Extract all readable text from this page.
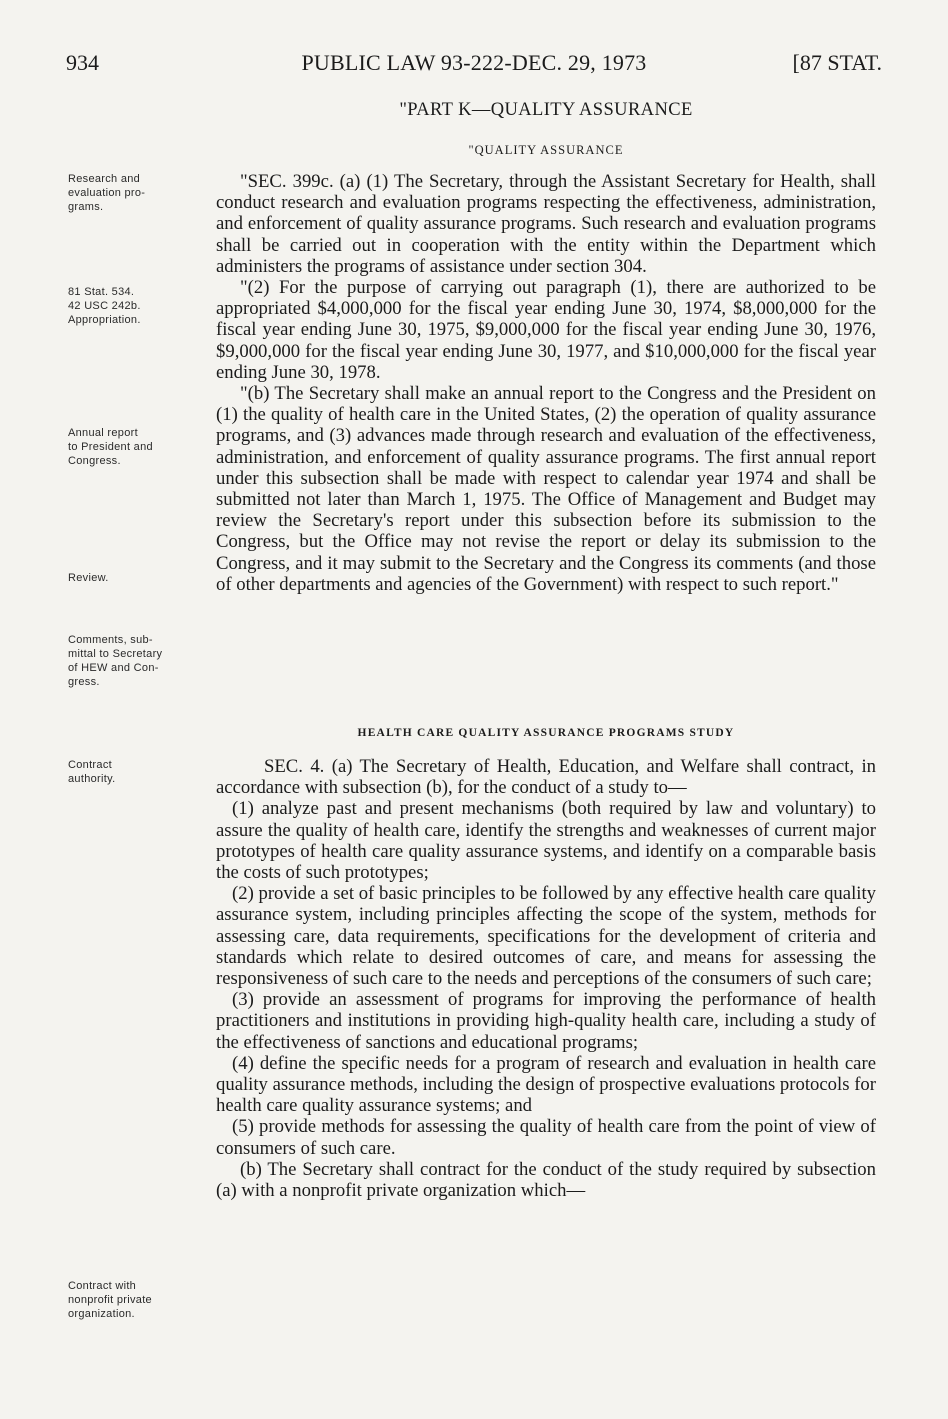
934	PUBLIC LAW 93-222-DEC. 29, 1973	[87 STAT.
Research and
evaluation pro-
grams.
81 Stat. 534.
42 USC 242b.
Appropriation.
Annual report
to President and
Congress.
Review.
Comments, sub-
mittal to Secretary
of HEW and Con-
gress.
Contract
authority.
Contract with
nonprofit private
organization.
"PART K—QUALITY ASSURANCE
"QUALITY ASSURANCE

"SEC. 399c. (a) (1) The Secretary, through the Assistant Secretary for Health, shall conduct research and evaluation programs respecting the effectiveness, administration, and enforcement of quality assurance programs. Such research and evaluation programs shall be carried out in cooperation with the entity within the Department which administers the programs of assistance under section 304.

"(2) For the purpose of carrying out paragraph (1), there are authorized to be appropriated $4,000,000 for the fiscal year ending June 30, 1974, $8,000,000 for the fiscal year ending June 30, 1975, $9,000,000 for the fiscal year ending June 30, 1976, $9,000,000 for the fiscal year ending June 30, 1977, and $10,000,000 for the fiscal year ending June 30, 1978.

"(b) The Secretary shall make an annual report to the Congress and the President on (1) the quality of health care in the United States, (2) the operation of quality assurance programs, and (3) advances made through research and evaluation of the effectiveness, administration, and enforcement of quality assurance programs. The first annual report under this subsection shall be made with respect to calendar year 1974 and shall be submitted not later than March 1, 1975. The Office of Management and Budget may review the Secretary's report under this subsection before its submission to the Congress, but the Office may not revise the report or delay its submission to the Congress, and it may submit to the Secretary and the Congress its comments (and those of other departments and agencies of the Government) with respect to such report."

HEALTH CARE QUALITY ASSURANCE PROGRAMS STUDY

SEC. 4. (a) The Secretary of Health, Education, and Welfare shall contract, in accordance with subsection (b), for the conduct of a study to—

(1) analyze past and present mechanisms (both required by law and voluntary) to assure the quality of health care, identify the strengths and weaknesses of current major prototypes of health care quality assurance systems, and identify on a comparable basis the costs of such prototypes;

(2) provide a set of basic principles to be followed by any effective health care quality assurance system, including principles affecting the scope of the system, methods for assessing care, data requirements, specifications for the development of criteria and standards which relate to desired outcomes of care, and means for assessing the responsiveness of such care to the needs and perceptions of the consumers of such care;

(3) provide an assessment of programs for improving the performance of health practitioners and institutions in providing high-quality health care, including a study of the effectiveness of sanctions and educational programs;

(4) define the specific needs for a program of research and evaluation in health care quality assurance methods, including the design of prospective evaluations protocols for health care quality assurance systems; and

(5) provide methods for assessing the quality of health care from the point of view of consumers of such care.

(b) The Secretary shall contract for the conduct of the study required by subsection (a) with a nonprofit private organization which—
